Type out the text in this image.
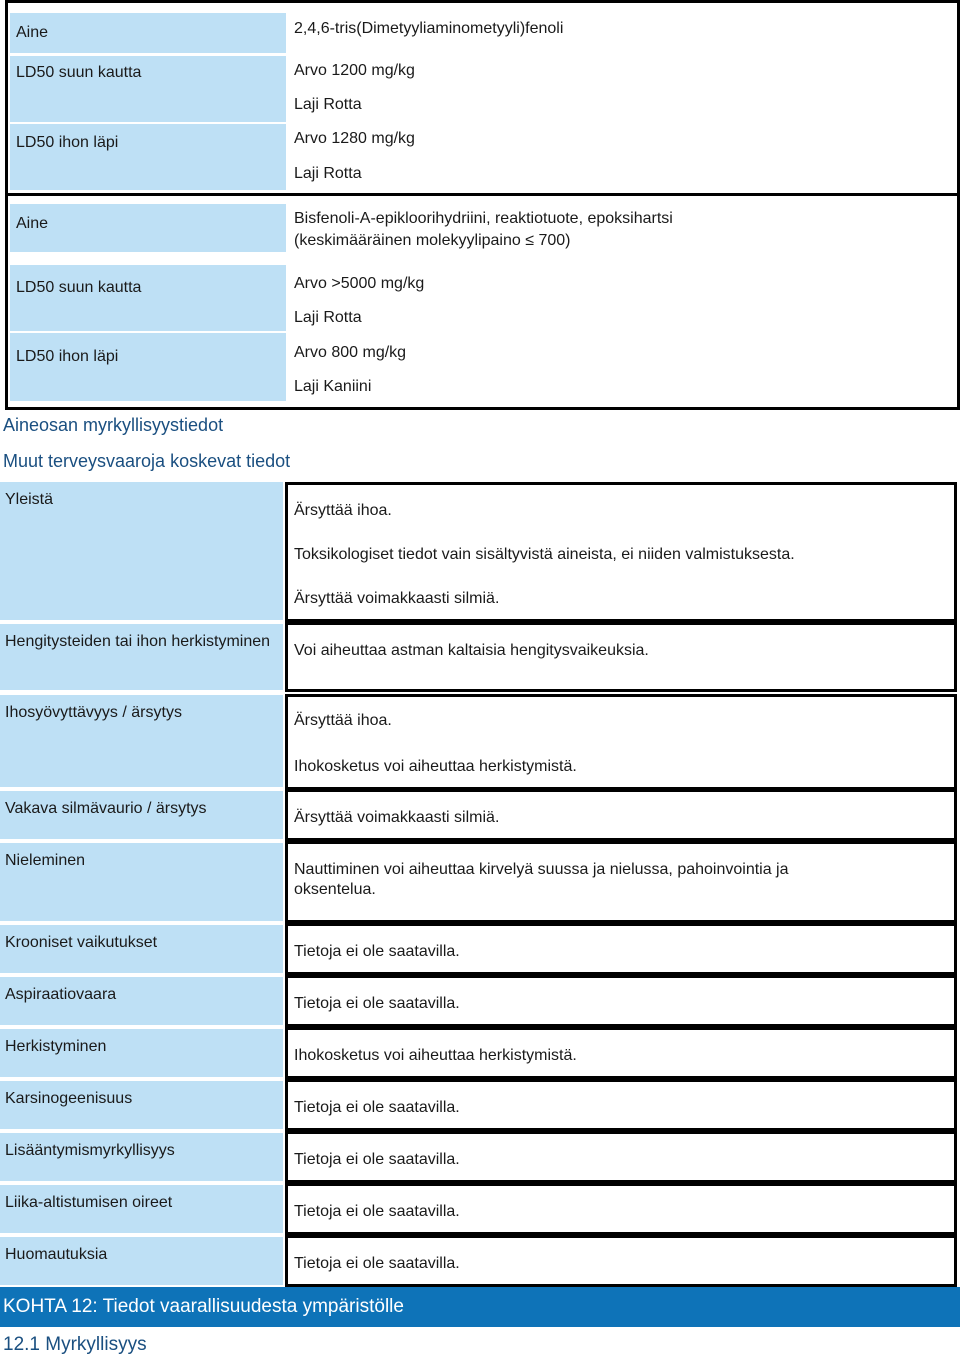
Aine
LD50 suun kautta
LD50 ihon läpi
2,4,6-tris(Dimetyyliaminometyyli)fenoli
Arvo 1200 mg/kg
Laji Rotta
Arvo 1280 mg/kg
Laji Rotta
Aine
LD50 suun kautta
LD50 ihon läpi
Bisfenoli-A-epikloorihydriini, reaktiotuote, epoksihartsi
(keskimääräinen molekyylipaino ≤ 700)
Arvo >5000 mg/kg
Laji Rotta
Arvo 800 mg/kg
Laji Kaniini
Aineosan myrkyllisyystiedot
Muut terveysvaaroja koskevat tiedot
Yleistä
Ärsyttää ihoa.
Toksikologiset tiedot vain sisältyvistä aineista, ei niiden valmistuksesta.
Ärsyttää voimakkaasti silmiä.
Hengitysteiden tai ihon herkistyminen
Voi aiheuttaa astman kaltaisia hengitysvaikeuksia.
Ihosyövyttävyys / ärsytys	Ärsyttää ihoa.
Ihokosketus voi aiheuttaa herkistymistä.
Vakava silmävaurio / ärsytys
Ärsyttää voimakkaasti silmiä.
Nieleminen
Nauttiminen voi aiheuttaa kirvelyä suussa ja nielussa, pahoinvointia ja oksentelua.
Krooniset vaikutukset
Tietoja ei ole saatavilla.
Aspiraatiovaara
Tietoja ei ole saatavilla.
Herkistyminen
Ihokosketus voi aiheuttaa herkistymistä.
Karsinogeenisuus
Tietoja ei ole saatavilla.
Lisääntymismyrkyllisyys
Tietoja ei ole saatavilla.
Liika-altistumisen oireet
Tietoja ei ole saatavilla.
Huomautuksia
Tietoja ei ole saatavilla.
KOHTA 12: Tiedot vaarallisuudesta ympäristölle
12.1 Myrkyllisyys
